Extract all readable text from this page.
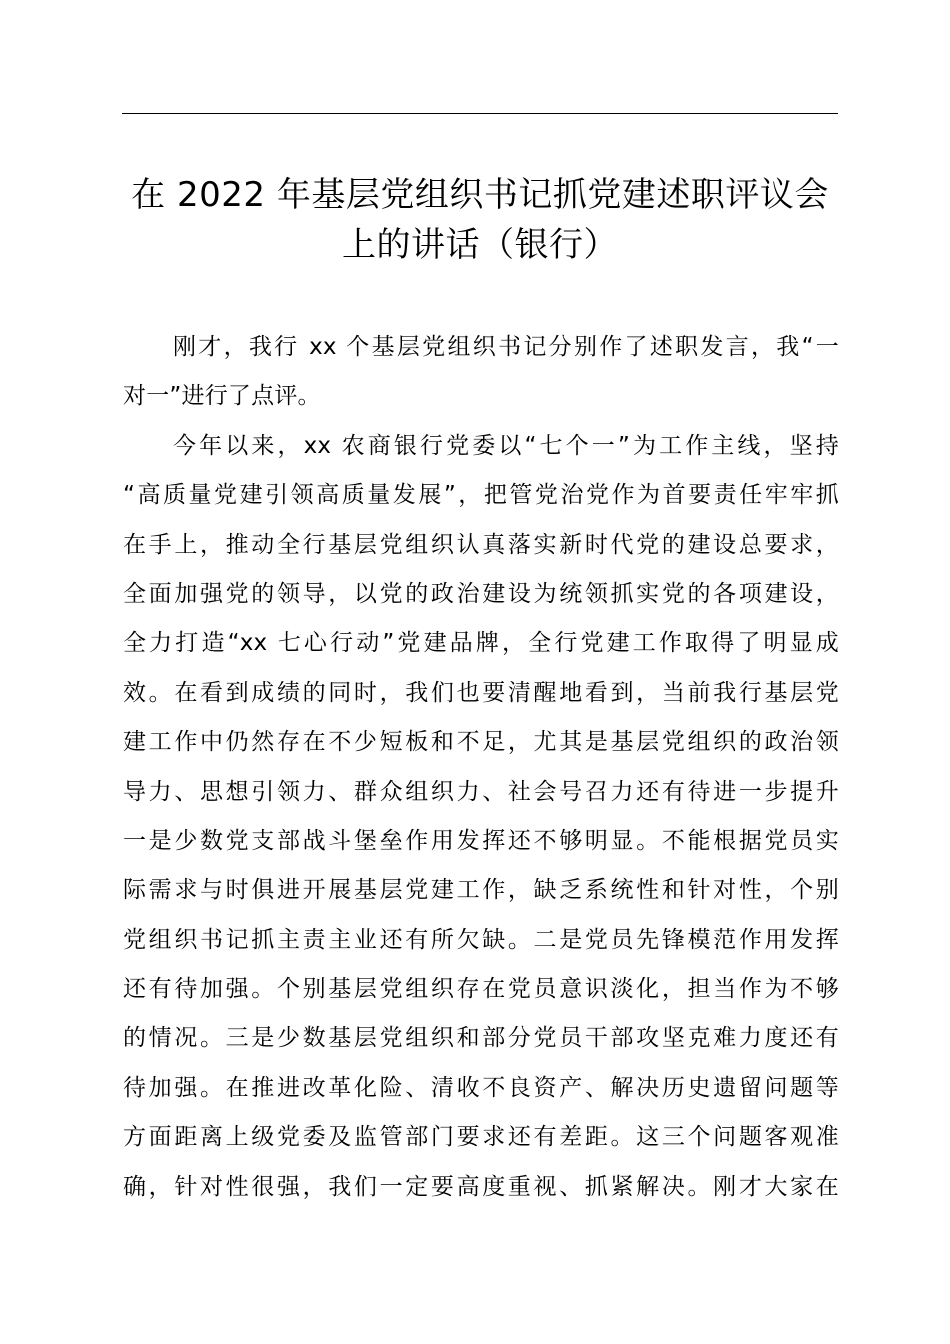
在 2022 年基层党组织书记抓党建述职评议会
上的讲话（银行）
刚才，我行 xx 个基层党组织书记分别作了述职发言，我“一
对一”进行了点评。
今年以来，xx 农商银行党委以“七个一”为工作主线，坚持
“高质量党建引领高质量发展”，把管党治党作为首要责任牢牢抓
在手上，推动全行基层党组织认真落实新时代党的建设总要求，
全面加强党的领导，以党的政治建设为统领抓实党的各项建设，
全力打造“xx 七心行动”党建品牌，全行党建工作取得了明显成
效。在看到成绩的同时，我们也要清醒地看到，当前我行基层党
建工作中仍然存在不少短板和不足，尤其是基层党组织的政治领
导力、思想引领力、群众组织力、社会号召力还有待进一步提升
一是少数党支部战斗堡垒作用发挥还不够明显。不能根据党员实
际需求与时俱进开展基层党建工作，缺乏系统性和针对性，个别
党组织书记抓主责主业还有所欠缺。二是党员先锋模范作用发挥
还有待加强。个别基层党组织存在党员意识淡化，担当作为不够
的情况。三是少数基层党组织和部分党员干部攻坚克难力度还有
待加强。在推进改革化险、清收不良资产、解决历史遗留问题等
方面距离上级党委及监管部门要求还有差距。这三个问题客观准
确，针对性很强，我们一定要高度重视、抓紧解决。刚才大家在
